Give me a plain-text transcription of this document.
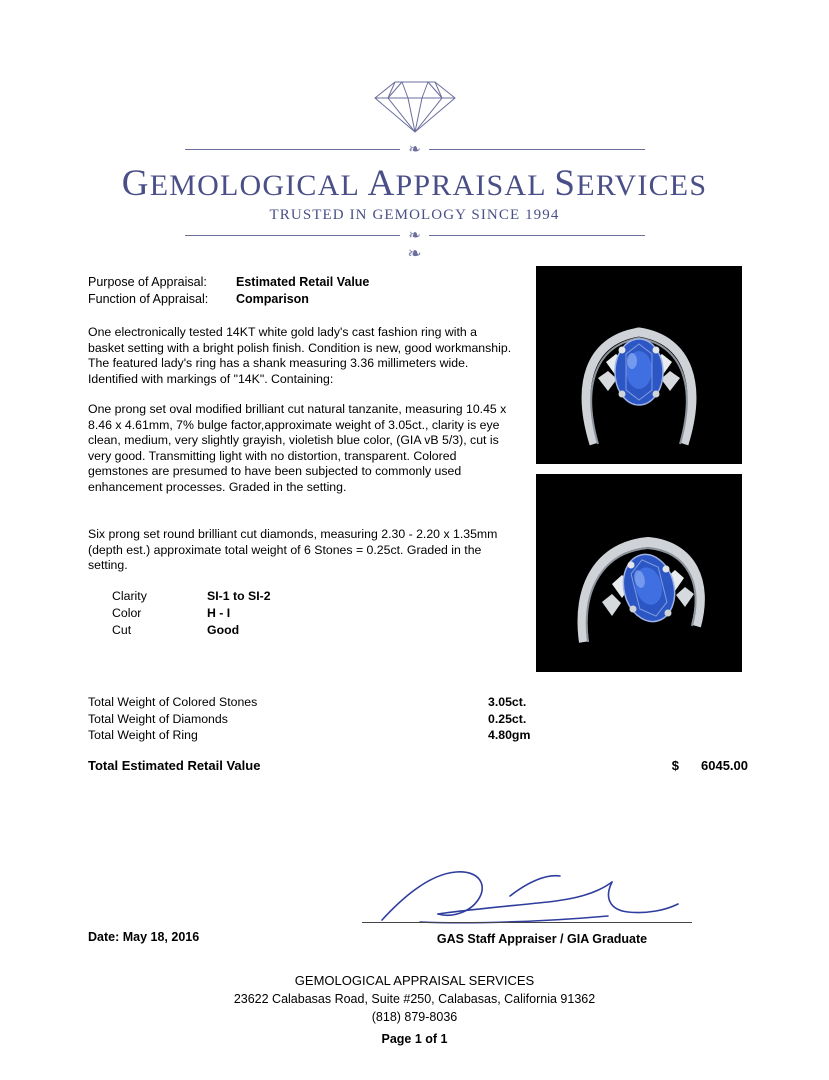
❧
GEMOLOGICAL APPRAISAL SERVICES
TRUSTED IN GEMOLOGY SINCE 1994
❧
❧
Purpose of Appraisal:	Estimated Retail Value
Function of Appraisal:	Comparison
One electronically tested 14KT white gold lady's cast fashion ring with a basket setting with a bright polish finish. Condition is new, good workmanship. The featured lady's ring has a shank measuring 3.36 millimeters wide. Identified with markings of "14K". Containing:
One prong set oval modified brilliant cut natural tanzanite, measuring 10.45 x 8.46 x 4.61mm, 7% bulge factor,approximate weight of 3.05ct., clarity is eye clean, medium, very slightly grayish, violetish blue color, (GIA vB 5/3), cut is very good. Transmitting light with no distortion, transparent. Colored gemstones are presumed to have been subjected to commonly used enhancement processes. Graded in the setting.
Six prong set round brilliant cut diamonds, measuring 2.30 - 2.20 x 1.35mm (depth est.) approximate total weight of 6 Stones = 0.25ct. Graded in the setting.
Clarity	SI-1 to SI-2
Color	H - I
Cut	Good
Total Weight of Colored Stones	3.05ct.
Total Weight of Diamonds	0.25ct.
Total Weight of Ring	4.80gm
Total Estimated Retail Value	$ 6045.00
GAS Staff Appraiser / GIA Graduate
Date: May 18, 2016
GEMOLOGICAL APPRAISAL SERVICES
23622 Calabasas Road, Suite #250, Calabasas, California 91362
(818) 879-8036
Page 1 of 1
